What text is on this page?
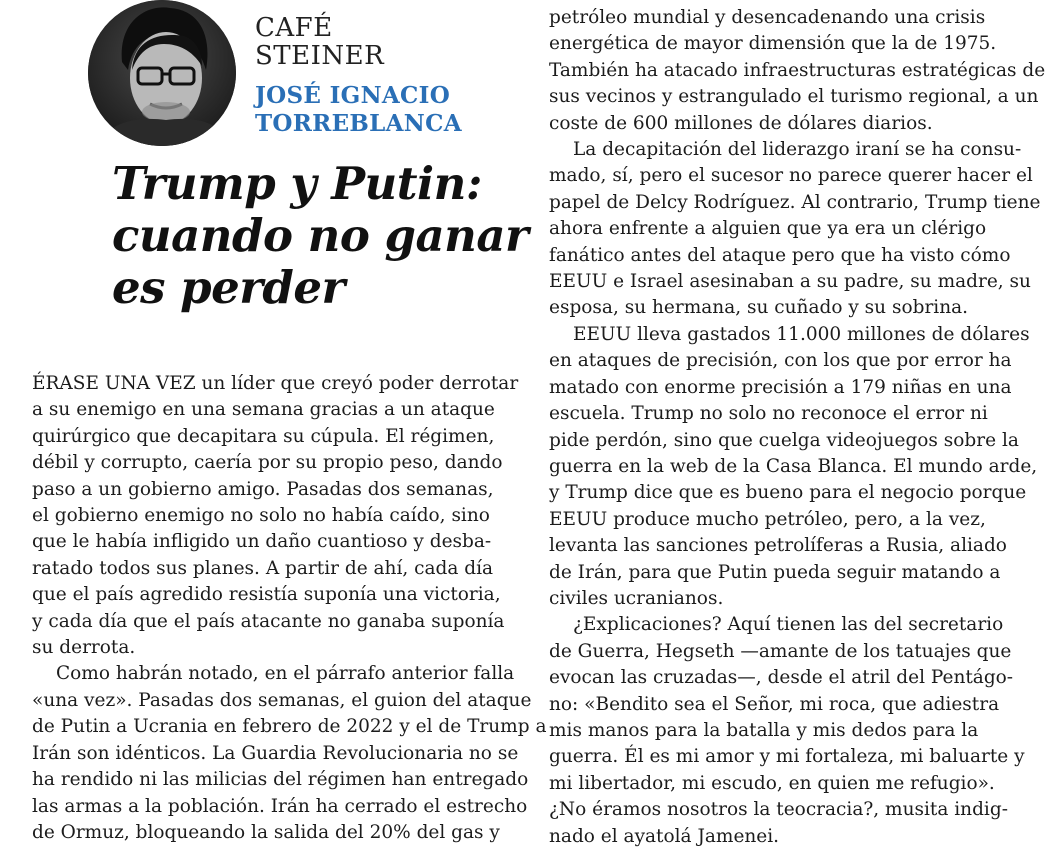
CAFÉ
STEINER
JOSÉ IGNACIO
TORREBLANCA
Trump y Putin:
cuando no ganar
es perder
ÉRASE UNA VEZ un líder que creyó poder derrotar
a su enemigo en una semana gracias a un ataque
quirúrgico que decapitara su cúpula. El régimen,
débil y corrupto, caería por su propio peso, dando
paso a un gobierno amigo. Pasadas dos semanas,
el gobierno enemigo no solo no había caído, sino
que le había infligido un daño cuantioso y desba-
ratado todos sus planes. A partir de ahí, cada día
que el país agredido resistía suponía una victoria,
y cada día que el país atacante no ganaba suponía
su derrota.
Como habrán notado, en el párrafo anterior falla
«una vez». Pasadas dos semanas, el guion del ataque
de Putin a Ucrania en febrero de 2022 y el de Trump a
Irán son idénticos. La Guardia Revolucionaria no se
ha rendido ni las milicias del régimen han entregado
las armas a la población. Irán ha cerrado el estrecho
de Ormuz, bloqueando la salida del 20% del gas y
petróleo mundial y desencadenando una crisis
energética de mayor dimensión que la de 1975.
También ha atacado infraestructuras estratégicas de
sus vecinos y estrangulado el turismo regional, a un
coste de 600 millones de dólares diarios.
La decapitación del liderazgo iraní se ha consu-
mado, sí, pero el sucesor no parece querer hacer el
papel de Delcy Rodríguez. Al contrario, Trump tiene
ahora enfrente a alguien que ya era un clérigo
fanático antes del ataque pero que ha visto cómo
EEUU e Israel asesinaban a su padre, su madre, su
esposa, su hermana, su cuñado y su sobrina.
EEUU lleva gastados 11.000 millones de dólares
en ataques de precisión, con los que por error ha
matado con enorme precisión a 179 niñas en una
escuela. Trump no solo no reconoce el error ni
pide perdón, sino que cuelga videojuegos sobre la
guerra en la web de la Casa Blanca. El mundo arde,
y Trump dice que es bueno para el negocio porque
EEUU produce mucho petróleo, pero, a la vez,
levanta las sanciones petrolíferas a Rusia, aliado
de Irán, para que Putin pueda seguir matando a
civiles ucranianos.
¿Explicaciones? Aquí tienen las del secretario
de Guerra, Hegseth —amante de los tatuajes que
evocan las cruzadas—, desde el atril del Pentágo-
no: «Bendito sea el Señor, mi roca, que adiestra
mis manos para la batalla y mis dedos para la
guerra. Él es mi amor y mi fortaleza, mi baluarte y
mi libertador, mi escudo, en quien me refugio».
¿No éramos nosotros la teocracia?, musita indig-
nado el ayatolá Jamenei.
